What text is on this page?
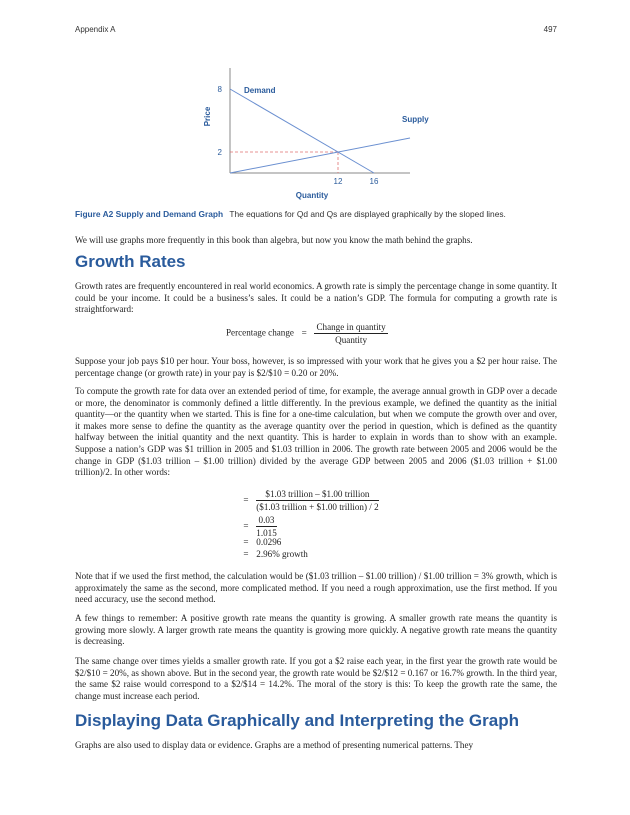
Appendix A	497
Demand
Supply
8
2
12	16
Quantity
Price
Figure A2 Supply and Demand Graph The equations for Qd and Qs are displayed graphically by the sloped lines.

We will use graphs more frequently in this book than algebra, but now you know the math behind the graphs.

Growth Rates

Growth rates are frequently encountered in real world economics. A growth rate is simply the percentage change in some quantity. It could be your income. It could be a business’s sales. It could be a nation’s GDP. The formula for computing a growth rate is straightforward:

Percentage change = $\frac{\text{Change in quantity}}{\text{Quantity}}$

Suppose your job pays $10 per hour. Your boss, however, is so impressed with your work that he gives you a $2 per hour raise. The percentage change (or growth rate) in your pay is $2/$10 = 0.20 or 20%.

To compute the growth rate for data over an extended period of time, for example, the average annual growth in GDP over a decade or more, the denominator is commonly defined a little differently. In the previous example, we defined the quantity as the initial quantity—or the quantity when we started. This is fine for a one-time calculation, but when we compute the growth over and over, it makes more sense to define the quantity as the average quantity over the period in question, which is defined as the quantity halfway between the initial quantity and the next quantity. This is harder to explain in words than to show with an example. Suppose a nation’s GDP was $1 trillion in 2005 and $1.03 trillion in 2006. The growth rate between 2005 and 2006 would be the change in GDP ($1.03 trillion – $1.00 trillion) divided by the average GDP between 2005 and 2006 ($1.03 trillion + $1.00 trillion)/2. In other words:

= $\frac{\text{\$1.03 trillion – \$1.00 trillion}}{\text{(\$1.03 trillion + \$1.00 trillion) / 2}}$
= $\frac{0.03}{1.015}$
= 0.0296
= 2.96% growth

Note that if we used the first method, the calculation would be ($1.03 trillion – $1.00 trillion) / $1.00 trillion = 3% growth, which is approximately the same as the second, more complicated method. If you need a rough approximation, use the first method. If you need accuracy, use the second method.

A few things to remember: A positive growth rate means the quantity is growing. A smaller growth rate means the quantity is growing more slowly. A larger growth rate means the quantity is growing more quickly. A negative growth rate means the quantity is decreasing.

The same change over times yields a smaller growth rate. If you got a $2 raise each year, in the first year the growth rate would be $2/$10 = 20%, as shown above. But in the second year, the growth rate would be $2/$12 = 0.167 or 16.7% growth. In the third year, the same $2 raise would correspond to a $2/$14 = 14.2%. The moral of the story is this: To keep the growth rate the same, the change must increase each period.

Displaying Data Graphically and Interpreting the Graph

Graphs are also used to display data or evidence. Graphs are a method of presenting numerical patterns. They
